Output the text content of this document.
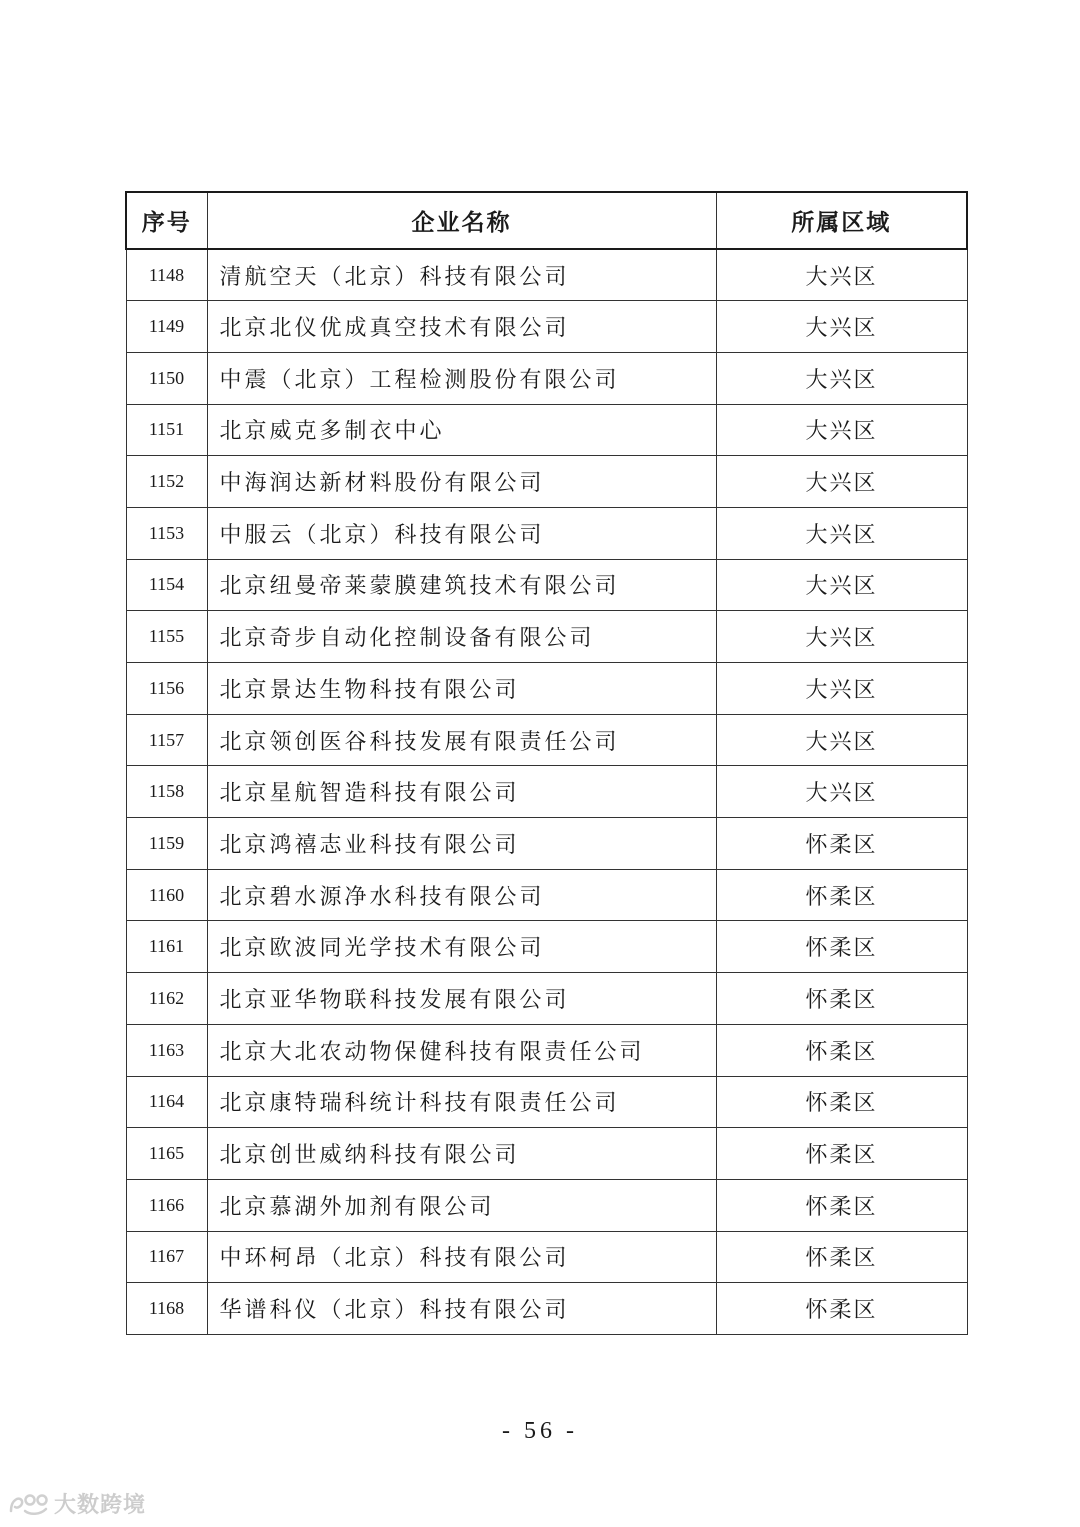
序号	企业名称	所属区域
1148	清航空天（北京）科技有限公司	大兴区
1149	北京北仪优成真空技术有限公司	大兴区
1150	中震（北京）工程检测股份有限公司	大兴区
1151	北京威克多制衣中心	大兴区
1152	中海润达新材料股份有限公司	大兴区
1153	中服云（北京）科技有限公司	大兴区
1154	北京纽曼帝莱蒙膜建筑技术有限公司	大兴区
1155	北京奇步自动化控制设备有限公司	大兴区
1156	北京景达生物科技有限公司	大兴区
1157	北京领创医谷科技发展有限责任公司	大兴区
1158	北京星航智造科技有限公司	大兴区
1159	北京鸿禧志业科技有限公司	怀柔区
1160	北京碧水源净水科技有限公司	怀柔区
1161	北京欧波同光学技术有限公司	怀柔区
1162	北京亚华物联科技发展有限公司	怀柔区
1163	北京大北农动物保健科技有限责任公司	怀柔区
1164	北京康特瑞科统计科技有限责任公司	怀柔区
1165	北京创世威纳科技有限公司	怀柔区
1166	北京慕湖外加剂有限公司	怀柔区
1167	中环柯昂（北京）科技有限公司	怀柔区
1168	华谱科仪（北京）科技有限公司	怀柔区
- 56 -
大数跨境
